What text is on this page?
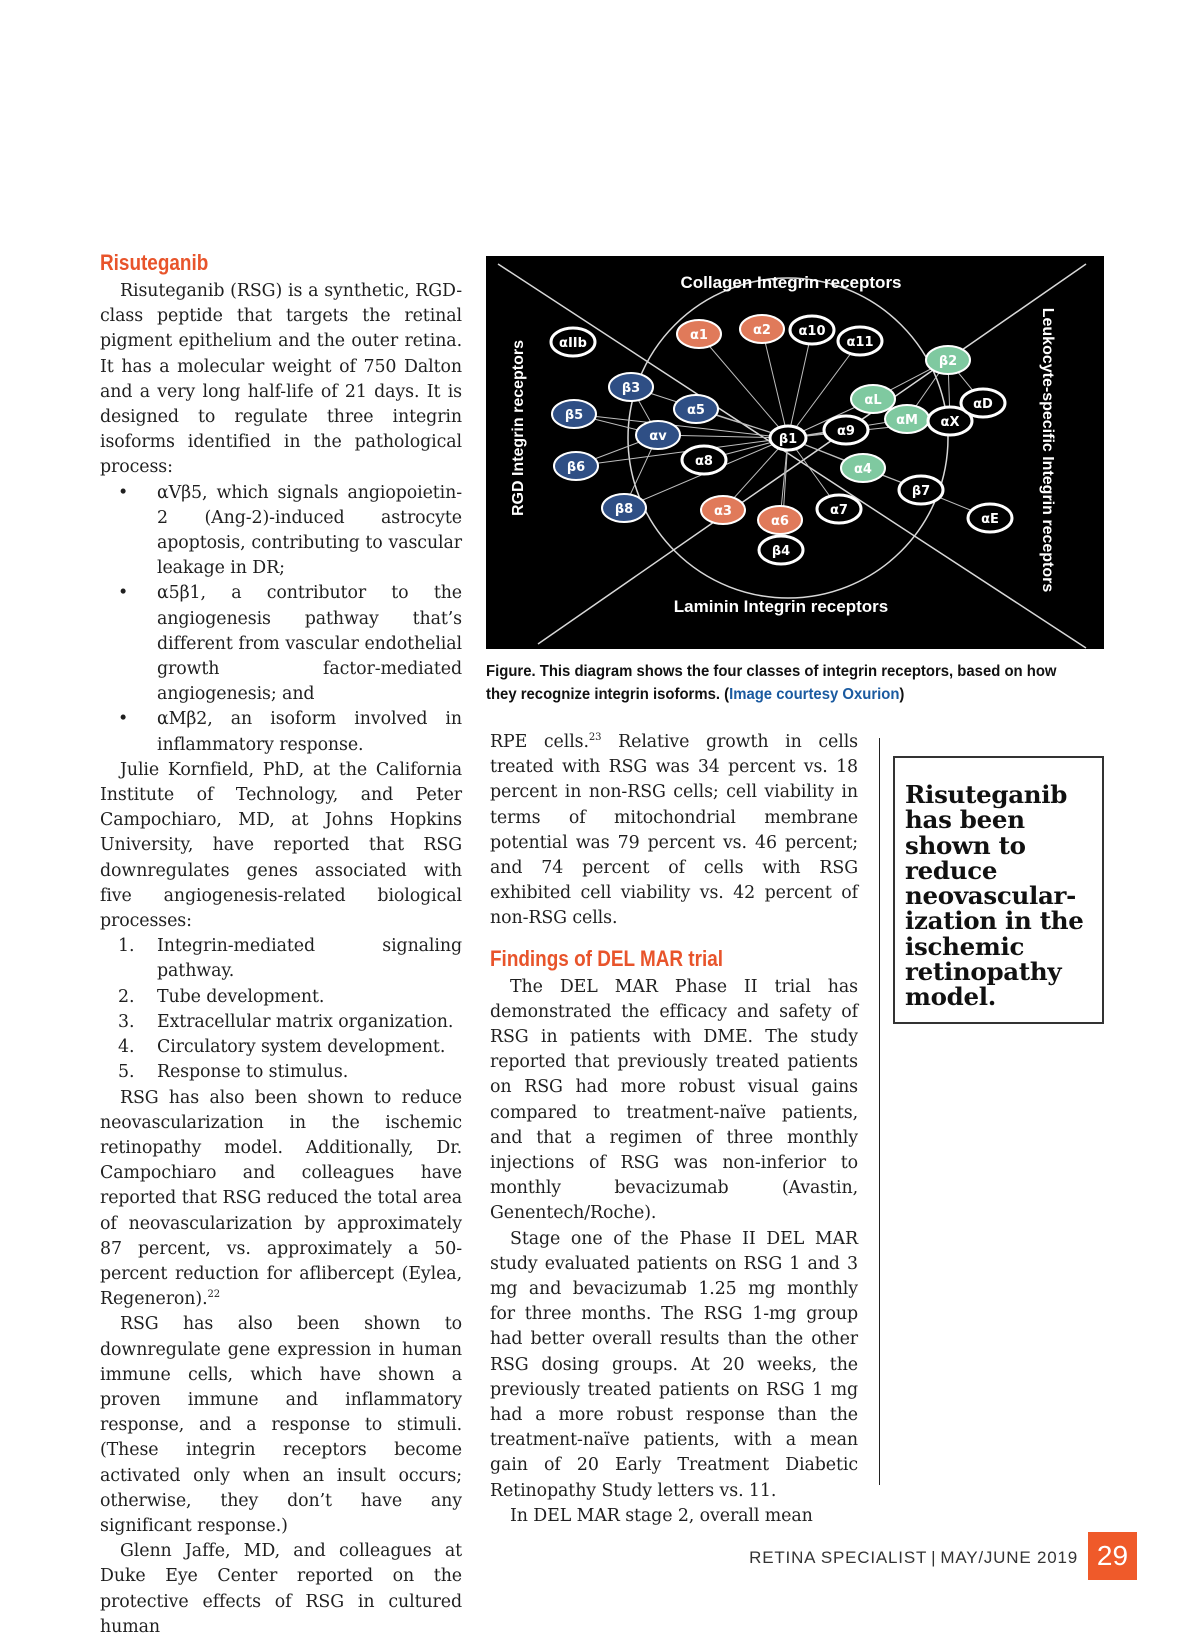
Risuteganib

Risuteganib (RSG) is a synthetic, RGD-class peptide that targets the retinal pigment epithelium and the outer retina. It has a molecular weight of 750 Dalton and a very long half-life of 21 days. It is designed to regulate three integrin isoforms identified in the pathological process:

• αVβ5, which signals angiopoietin-2 (Ang-2)-induced astrocyte apoptosis, contributing to vascular leakage in DR;
• α5β1, a contributor to the angiogenesis pathway that’s different from vascular endothelial growth factor-mediated angiogenesis; and
• αMβ2, an isoform involved in inflammatory response.

Julie Kornfield, PhD, at the California Institute of Technology, and Peter Campochiaro, MD, at Johns Hopkins University, have reported that RSG downregulates genes associated with five angiogenesis-related biological processes:

1. Integrin-mediated signaling pathway.
2. Tube development.
3. Extracellular matrix organization.
4. Circulatory system development.
5. Response to stimulus.

RSG has also been shown to reduce neovascularization in the ischemic retinopathy model. Additionally, Dr. Campochiaro and colleagues have reported that RSG reduced the total area of neovascularization by approximately 87 percent, vs. approximately a 50-percent reduction for aflibercept (Eylea, Regeneron).$^{22}$

RSG has also been shown to downregulate gene expression in human immune cells, which have shown a proven immune and inflammatory response, and a response to stimuli. (These integrin receptors become activated only when an insult occurs; otherwise, they don’t have any significant response.)

Glenn Jaffe, MD, and colleagues at Duke Eye Center reported on the protective effects of RSG in cultured human

αIIb
β3
β5
αv
α5
β6	α8
β8
α1	α2 α10
α11
β2
αL
αM αX
αD
α9
α4
β7
αE
α3
α6
α7
β4
β1
Collagen Integrin receptors
Laminin Integrin receptors
RGD Integrin receptors	Leukocyte-specific Integrin receptors
Figure. This diagram shows the four classes of integrin receptors, based on how they recognize integrin isoforms. (Image courtesy Oxurion)

RPE cells.$^{23}$ Relative growth in cells treated with RSG was 34 percent vs. 18 percent in non-RSG cells; cell viability in terms of mitochondrial membrane potential was 79 percent vs. 46 percent; and 74 percent of cells with RSG exhibited cell viability vs. 42 percent of non-RSG cells.

Findings of DEL MAR trial

The DEL MAR Phase II trial has demonstrated the efficacy and safety of RSG in patients with DME. The study reported that previously treated patients on RSG had more robust visual gains compared to treatment-naïve patients, and that a regimen of three monthly injections of RSG was non-inferior to monthly bevacizumab (Avastin, Genentech/Roche).

Stage one of the Phase II DEL MAR study evaluated patients on RSG 1 and 3 mg and bevacizumab 1.25 mg monthly for three months. The RSG 1-mg group had better overall results than the other RSG dosing groups. At 20 weeks, the previously treated patients on RSG 1 mg had a more robust response than the treatment-naïve patients, with a mean gain of 20 Early Treatment Diabetic Retinopathy Study letters vs. 11.

In DEL MAR stage 2, overall mean

Risuteganib has been shown to reduce neovascular-ization in the ischemic retinopathy model.
RETINA SPECIALIST | MAY/JUNE 2019 29
